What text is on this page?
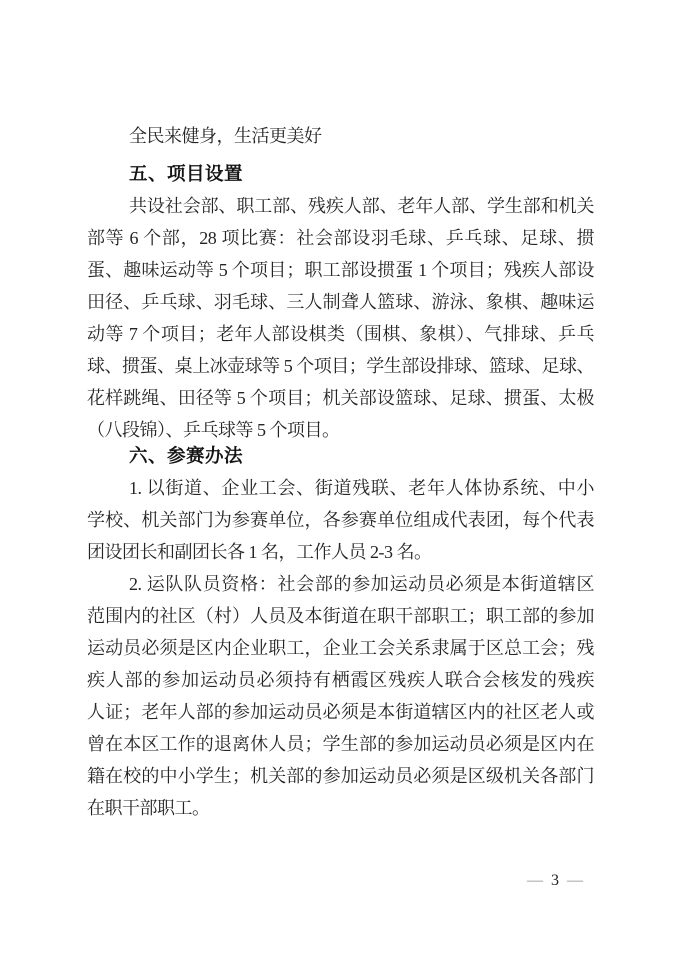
全民来健身，生活更美好
五、项目设置
共设社会部、职工部、残疾人部、老年人部、学生部和机关
部等 6 个部，28 项比赛：社会部设羽毛球、乒乓球、足球、掼
蛋、趣味运动等 5 个项目；职工部设掼蛋 1 个项目；残疾人部设
田径、乒乓球、羽毛球、三人制聋人篮球、游泳、象棋、趣味运
动等 7 个项目；老年人部设棋类（围棋、象棋）、气排球、乒乓
球、掼蛋、桌上冰壶球等 5 个项目；学生部设排球、篮球、足球、
花样跳绳、田径等 5 个项目；机关部设篮球、足球、掼蛋、太极
（八段锦）、乒乓球等 5 个项目。
六、参赛办法
1. 以街道、企业工会、街道残联、老年人体协系统、中小
学校、机关部门为参赛单位，各参赛单位组成代表团，每个代表
团设团长和副团长各 1 名，工作人员 2-3 名。
2. 运队队员资格：社会部的参加运动员必须是本街道辖区
范围内的社区（村）人员及本街道在职干部职工；职工部的参加
运动员必须是区内企业职工，企业工会关系隶属于区总工会；残
疾人部的参加运动员必须持有栖霞区残疾人联合会核发的残疾
人证；老年人部的参加运动员必须是本街道辖区内的社区老人或
曾在本区工作的退离休人员；学生部的参加运动员必须是区内在
籍在校的中小学生；机关部的参加运动员必须是区级机关各部门
在职干部职工。
— 3 —
